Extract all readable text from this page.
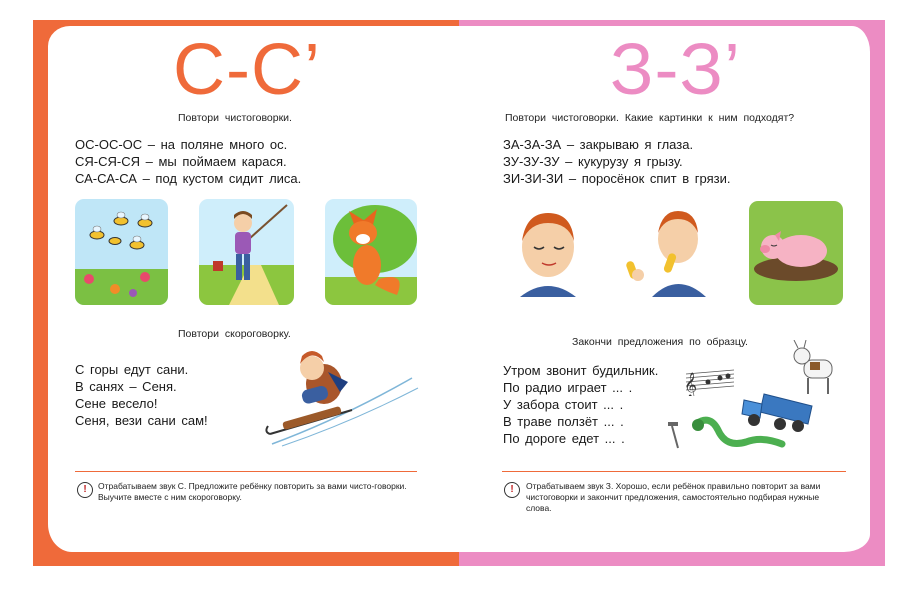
С-С’
Повтори чистоговорки.
ОС-ОС-ОС – на поляне много ос.
СЯ-СЯ-СЯ – мы поймаем карася.
СА-СА-СА – под кустом сидит лиса.
Повтори скороговорку.
С горы едут сани.
В санях – Сеня.
Сене весело!
Сеня, вези сани сам!
!	Отрабатываем звук С. Предложите ребёнку повторить за вами чисто-говорки. Выучите вместе с ним скороговорку.
З-З’
Повтори чистоговорки. Какие картинки к ним подходят?
ЗА-ЗА-ЗА – закрываю я глаза.
ЗУ-ЗУ-ЗУ – кукурузу я грызу.
ЗИ-ЗИ-ЗИ – поросёнок спит в грязи.
Закончи предложения по образцу.
Утром звонит будильник.
По радио играет ... .
У забора стоит ... .
В траве ползёт ... .
По дороге едет ... .
𝄞
!	Отрабатываем звук З. Хорошо, если ребёнок правильно повторит за вами чистоговорки и закончит предложения, самостоятельно подбирая нужные слова.
